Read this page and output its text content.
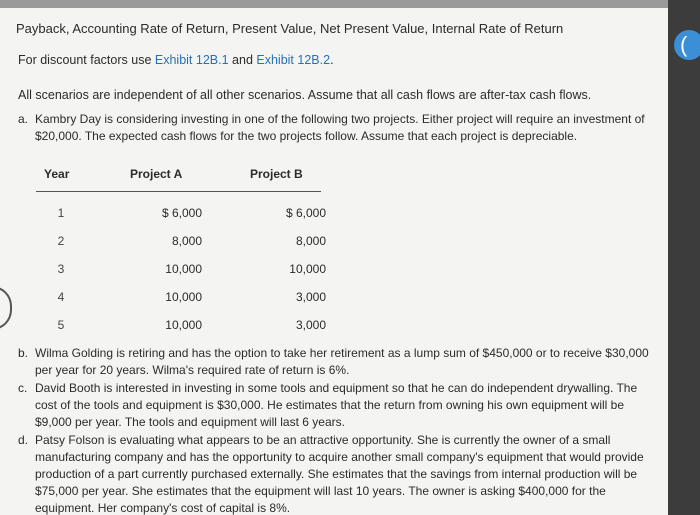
Payback, Accounting Rate of Return, Present Value, Net Present Value, Internal Rate of Return
For discount factors use Exhibit 12B.1 and Exhibit 12B.2.
All scenarios are independent of all other scenarios. Assume that all cash flows are after-tax cash flows.
a. Kambry Day is considering investing in one of the following two projects. Either project will require an investment of $20,000. The expected cash flows for the two projects follow. Assume that each project is depreciable.
Year	Project A	Project B
1	$ 6,000	$ 6,000
2	8,000	8,000
3	10,000	10,000
4	10,000	3,000
5	10,000	3,000
b. Wilma Golding is retiring and has the option to take her retirement as a lump sum of $450,000 or to receive $30,000 per year for 20 years. Wilma's required rate of return is 6%.
c. David Booth is interested in investing in some tools and equipment so that he can do independent drywalling. The cost of the tools and equipment is $30,000. He estimates that the return from owning his own equipment will be $9,000 per year. The tools and equipment will last 6 years.
d. Patsy Folson is evaluating what appears to be an attractive opportunity. She is currently the owner of a small manufacturing company and has the opportunity to acquire another small company's equipment that would provide production of a part currently purchased externally. She estimates that the savings from internal production will be $75,000 per year. She estimates that the equipment will last 10 years. The owner is asking $400,000 for the equipment. Her company's cost of capital is 8%.
(
